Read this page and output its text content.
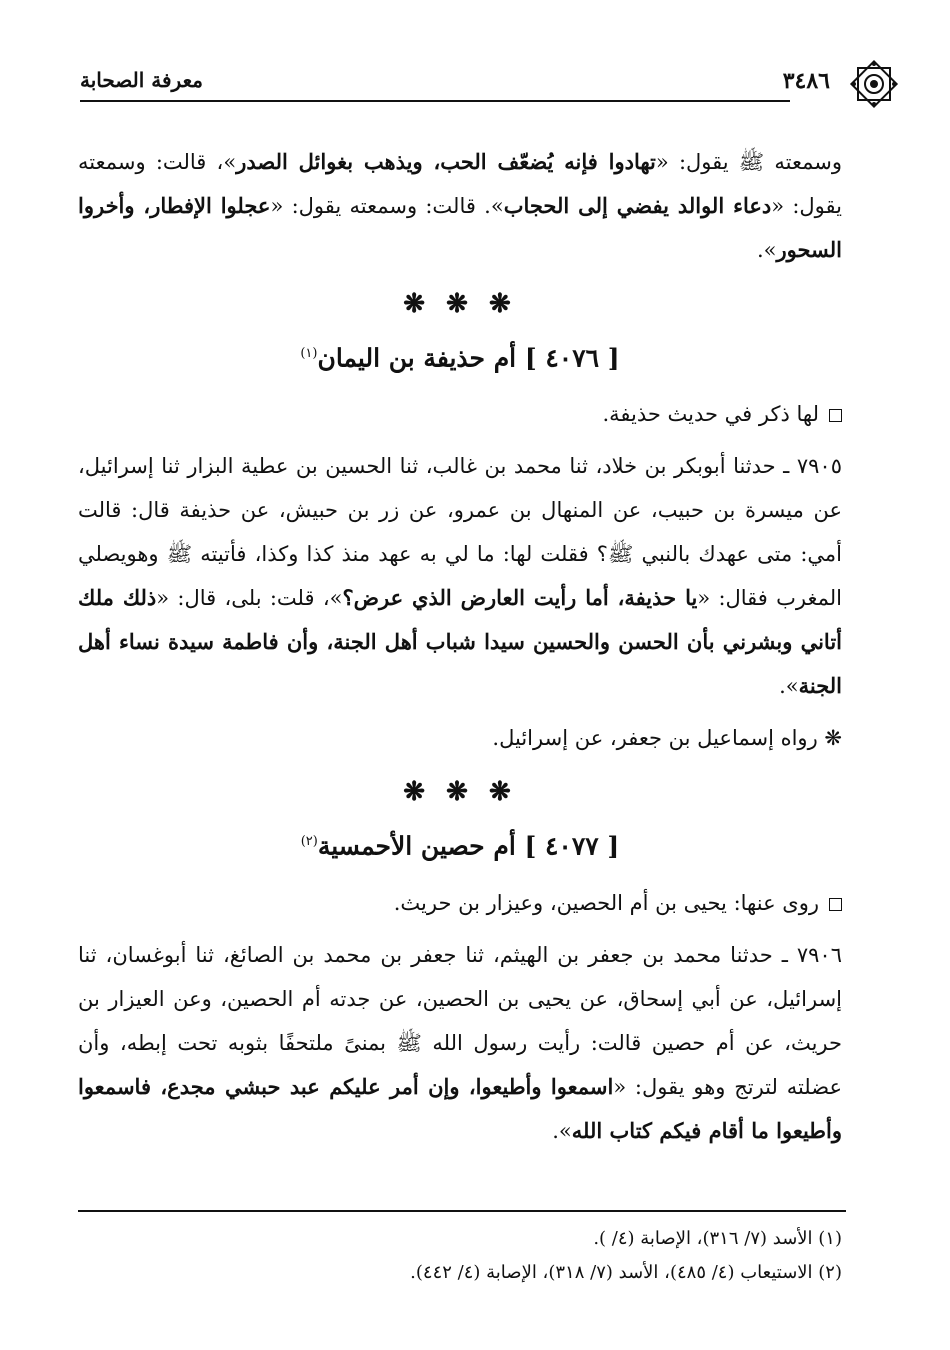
٣٤٨٦
معرفة الصحابة

وسمعته ﷺ يقول: «تهادوا فإنه يُضعّف الحب، ويذهب بغوائل الصدر»، قالت: وسمعته يقول: «دعاء الوالد يفضي إلى الحجاب». قالت: وسمعته يقول: «عجلوا الإفطار، وأخروا السحور».

❋ ❋ ❋
[ ٤٠٧٦ ] أم حذيفة بن اليمان$^{(١)}$

لها ذكر في حديث حذيفة.

٧٩٠٥ ـ حدثنا أبوبكر بن خلاد، ثنا محمد بن غالب، ثنا الحسين بن عطية البزار ثنا إسرائيل، عن ميسرة بن حبيب، عن المنهال بن عمرو، عن زر بن حبيش، عن حذيفة قال: قالت أمي: متى عهدك بالنبي ﷺ؟ فقلت لها: ما لي به عهد منذ كذا وكذا، فأتيته ﷺ وهويصلي المغرب فقال: «يا حذيفة، أما رأيت العارض الذي عرض؟»، قلت: بلى، قال: «ذلك ملك أتاني وبشرني بأن الحسن والحسين سيدا شباب أهل الجنة، وأن فاطمة سيدة نساء أهل الجنة».

❋ رواه إسماعيل بن جعفر، عن إسرائيل.

❋ ❋ ❋
[ ٤٠٧٧ ] أم حصين الأحمسية$^{(٢)}$

روى عنها: يحيى بن أم الحصين، وعيزار بن حريث.

٧٩٠٦ ـ حدثنا محمد بن جعفر بن الهيثم، ثنا جعفر بن محمد بن الصائغ، ثنا أبوغسان، ثنا إسرائيل، عن أبي إسحاق، عن يحيى بن الحصين، عن جدته أم الحصين، وعن العيزار بن حريث، عن أم حصين قالت: رأيت رسول الله ﷺ بمنىً ملتحفًا بثوبه تحت إبطه، وأن عضلته لترتج وهو يقول: «اسمعوا وأطيعوا، وإن أمر عليكم عبد حبشي مجدع، فاسمعوا وأطيعوا ما أقام فيكم كتاب الله».

(١) الأسد (٧/ ٣١٦)، الإصابة (٤/ ).
(٢) الاستيعاب (٤/ ٤٨٥)، الأسد (٧/ ٣١٨)، الإصابة (٤/ ٤٤٢).
